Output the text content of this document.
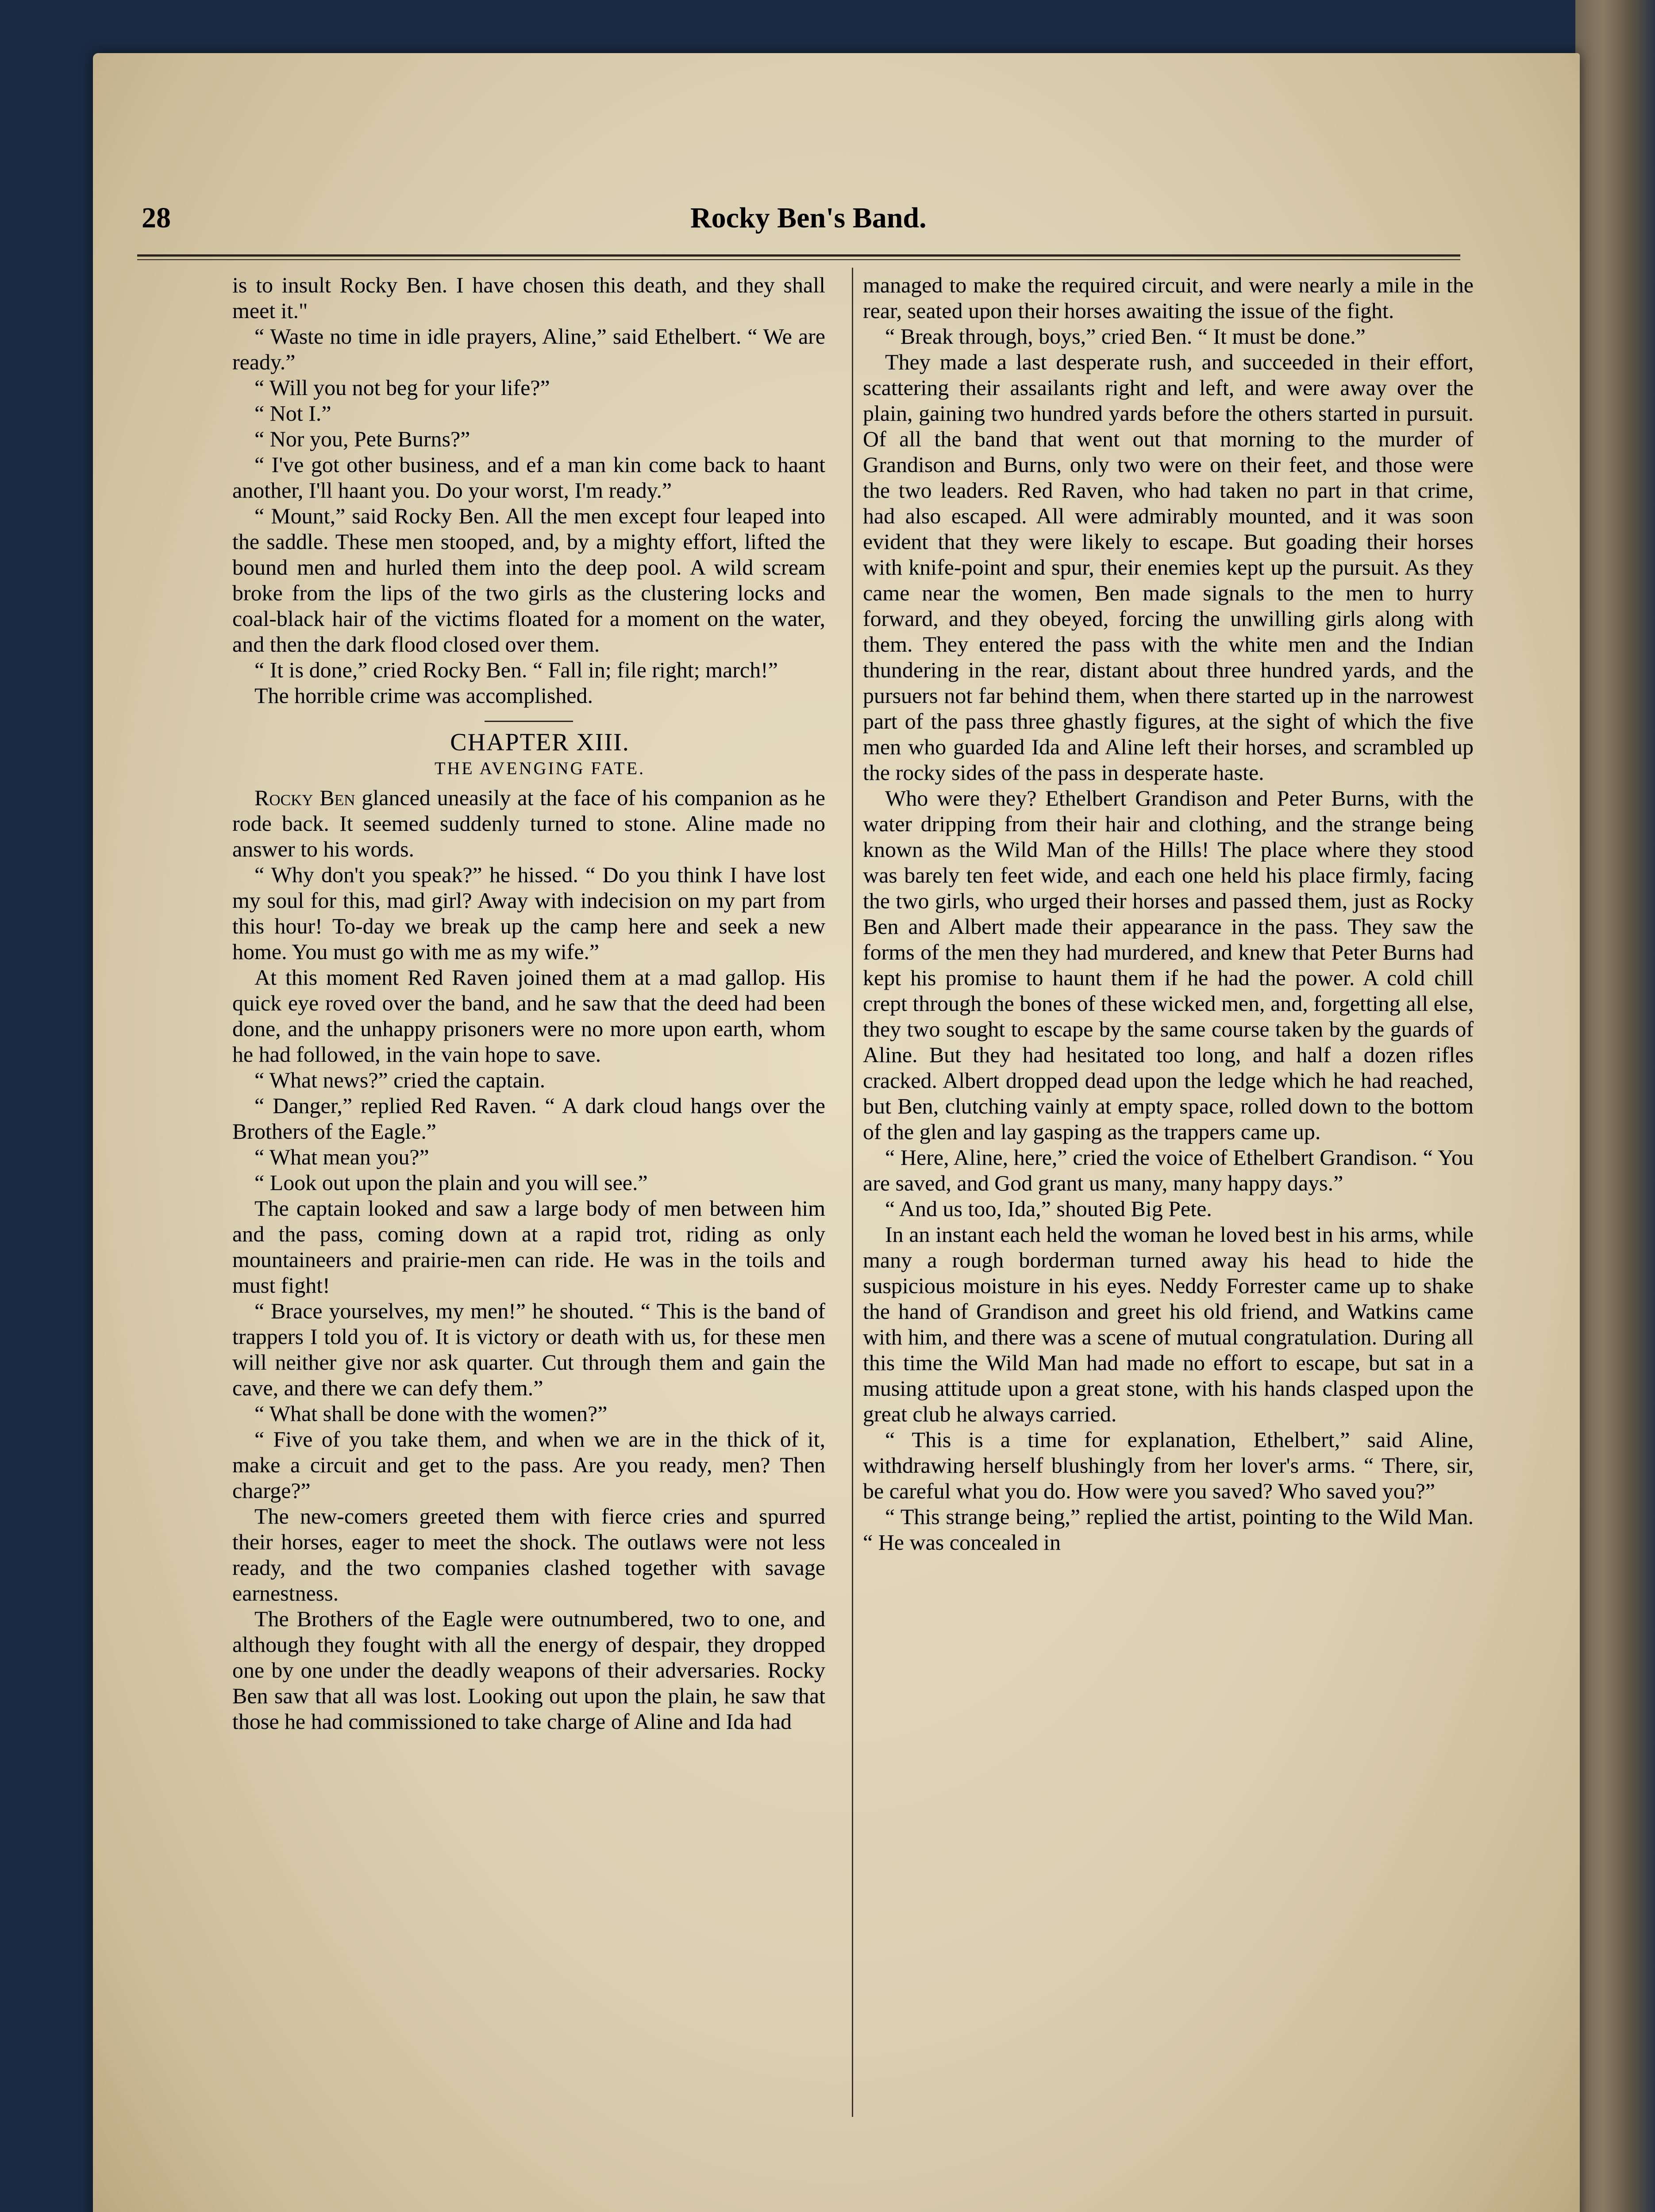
28	Rocky Ben's Band.

is to insult Rocky Ben. I have chosen this death, and they shall meet it."

“ Waste no time in idle prayers, Aline,” said Ethelbert. “ We are ready.”

“ Will you not beg for your life?”

“ Not I.”

“ Nor you, Pete Burns?”

“ I've got other business, and ef a man kin come back to haant another, I'll haant you. Do your worst, I'm ready.”

“ Mount,” said Rocky Ben. All the men except four leaped into the saddle. These men stooped, and, by a mighty effort, lifted the bound men and hurled them into the deep pool. A wild scream broke from the lips of the two girls as the clustering locks and coal-black hair of the victims floated for a moment on the water, and then the dark flood closed over them.

“ It is done,” cried Rocky Ben. “ Fall in; file right; march!”

The horrible crime was accomplished.

CHAPTER XIII.

THE AVENGING FATE.

Rocky Ben glanced uneasily at the face of his companion as he rode back. It seemed suddenly turned to stone. Aline made no answer to his words.

“ Why don't you speak?” he hissed. “ Do you think I have lost my soul for this, mad girl? Away with indecision on my part from this hour! To-day we break up the camp here and seek a new home. You must go with me as my wife.”

At this moment Red Raven joined them at a mad gallop. His quick eye roved over the band, and he saw that the deed had been done, and the unhappy prisoners were no more upon earth, whom he had followed, in the vain hope to save.

“ What news?” cried the captain.

“ Danger,” replied Red Raven. “ A dark cloud hangs over the Brothers of the Eagle.”

“ What mean you?”

“ Look out upon the plain and you will see.”

The captain looked and saw a large body of men between him and the pass, coming down at a rapid trot, riding as only mountaineers and prairie-men can ride. He was in the toils and must fight!

“ Brace yourselves, my men!” he shouted. “ This is the band of trappers I told you of. It is victory or death with us, for these men will neither give nor ask quarter. Cut through them and gain the cave, and there we can defy them.”

“ What shall be done with the women?”

“ Five of you take them, and when we are in the thick of it, make a circuit and get to the pass. Are you ready, men? Then charge?”

The new-comers greeted them with fierce cries and spurred their horses, eager to meet the shock. The outlaws were not less ready, and the two companies clashed together with savage earnestness.

The Brothers of the Eagle were outnumbered, two to one, and although they fought with all the energy of despair, they dropped one by one under the deadly weapons of their adversaries. Rocky Ben saw that all was lost. Looking out upon the plain, he saw that those he had commissioned to take charge of Aline and Ida had

managed to make the required circuit, and were nearly a mile in the rear, seated upon their horses awaiting the issue of the fight.

“ Break through, boys,” cried Ben. “ It must be done.”

They made a last desperate rush, and succeeded in their effort, scattering their assailants right and left, and were away over the plain, gaining two hundred yards before the others started in pursuit. Of all the band that went out that morning to the murder of Grandison and Burns, only two were on their feet, and those were the two leaders. Red Raven, who had taken no part in that crime, had also escaped. All were admirably mounted, and it was soon evident that they were likely to escape. But goading their horses with knife-point and spur, their enemies kept up the pursuit. As they came near the women, Ben made signals to the men to hurry forward, and they obeyed, forcing the unwilling girls along with them. They entered the pass with the white men and the Indian thundering in the rear, distant about three hundred yards, and the pursuers not far behind them, when there started up in the narrowest part of the pass three ghastly figures, at the sight of which the five men who guarded Ida and Aline left their horses, and scrambled up the rocky sides of the pass in desperate haste.

Who were they? Ethelbert Grandison and Peter Burns, with the water dripping from their hair and clothing, and the strange being known as the Wild Man of the Hills! The place where they stood was barely ten feet wide, and each one held his place firmly, facing the two girls, who urged their horses and passed them, just as Rocky Ben and Albert made their appearance in the pass. They saw the forms of the men they had murdered, and knew that Peter Burns had kept his promise to haunt them if he had the power. A cold chill crept through the bones of these wicked men, and, forgetting all else, they two sought to escape by the same course taken by the guards of Aline. But they had hesitated too long, and half a dozen rifles cracked. Albert dropped dead upon the ledge which he had reached, but Ben, clutching vainly at empty space, rolled down to the bottom of the glen and lay gasping as the trappers came up.

“ Here, Aline, here,” cried the voice of Ethelbert Grandison. “ You are saved, and God grant us many, many happy days.”

“ And us too, Ida,” shouted Big Pete.

In an instant each held the woman he loved best in his arms, while many a rough borderman turned away his head to hide the suspicious moisture in his eyes. Neddy Forrester came up to shake the hand of Grandison and greet his old friend, and Watkins came with him, and there was a scene of mutual congratulation. During all this time the Wild Man had made no effort to escape, but sat in a musing attitude upon a great stone, with his hands clasped upon the great club he always carried.

“ This is a time for explanation, Ethelbert,” said Aline, withdrawing herself blushingly from her lover's arms. “ There, sir, be careful what you do. How were you saved? Who saved you?”

“ This strange being,” replied the artist, pointing to the Wild Man. “ He was concealed in
